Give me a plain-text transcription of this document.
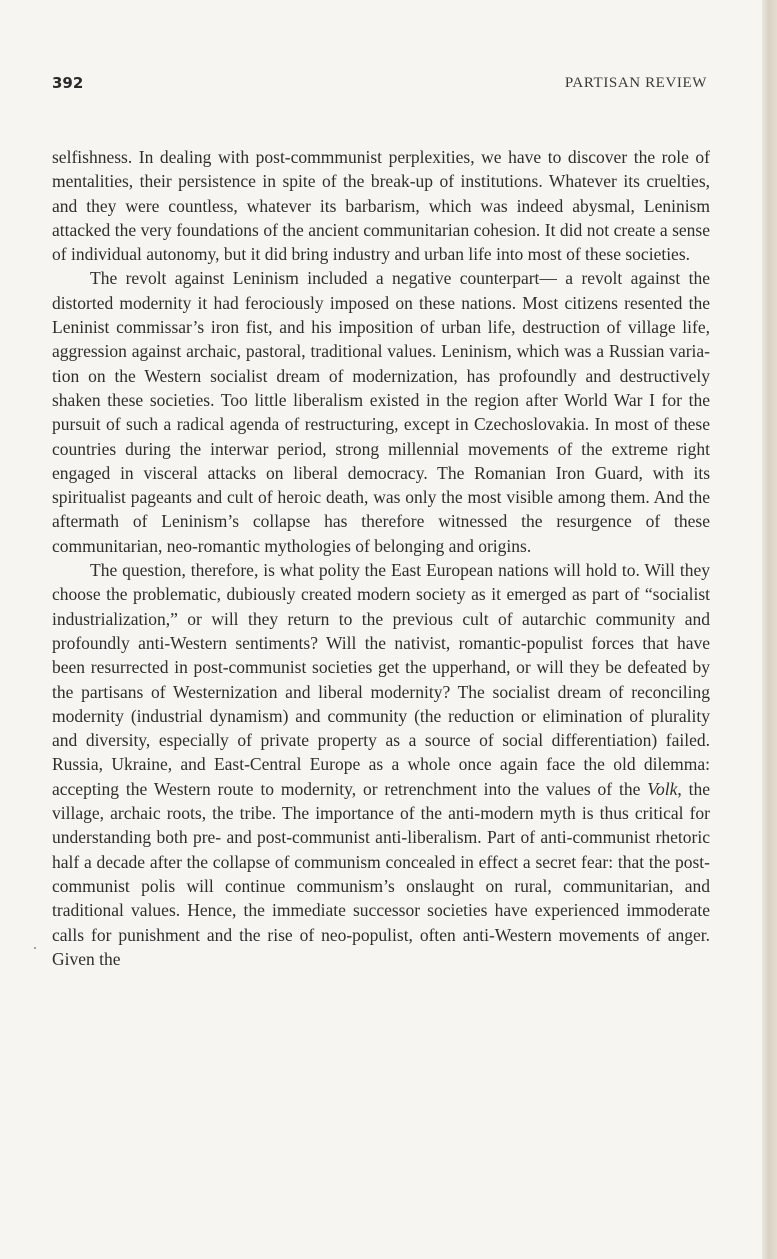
392	PARTISAN REVIEW

selfishness. In dealing with post-commmunist perplexities, we have to discover the role of mentalities, their persistence in spite of the break-up of institutions. Whatever its cruelties, and they were countless, whatever its barbarism, which was indeed abysmal, Leninism attacked the very foundations of the ancient communitarian cohesion. It did not create a sense of individual autonomy, but it did bring industry and urban life into most of these societies.

The revolt against Leninism included a negative counterpart— a revolt against the distorted modernity it had ferociously imposed on these nations. Most citizens resented the Leninist commissar’s iron fist, and his imposition of urban life, destruction of village life, aggression against archaic, pastoral, traditional values. Leninism, which was a Russian variation on the Western socialist dream of modernization, has profoundly and destructively shaken these societies. Too little liberalism existed in the region after World War I for the pursuit of such a radical agenda of restructuring, except in Czechoslovakia. In most of these countries during the interwar period, strong millennial movements of the extreme right engaged in visceral attacks on liberal democracy. The Romanian Iron Guard, with its spiritualist pageants and cult of heroic death, was only the most visible among them. And the aftermath of Leninism’s collapse has therefore witnessed the resurgence of these communitarian, neo-romantic mythologies of belonging and origins.

The question, therefore, is what polity the East European nations will hold to. Will they choose the problematic, dubiously created modern society as it emerged as part of “socialist industrialization,” or will they return to the previous cult of autarchic community and profoundly anti-Western sentiments? Will the nativist, romantic-populist forces that have been resurrected in post-communist societies get the upperhand, or will they be defeated by the partisans of Westernization and liberal modernity? The socialist dream of reconciling modernity (industrial dynamism) and community (the reduction or elimination of plurality and diversity, especially of private property as a source of social differentiation) failed. Russia, Ukraine, and East-Central Europe as a whole once again face the old dilemma: accepting the Western route to modernity, or retrenchment into the values of the Volk, the village, archaic roots, the tribe. The importance of the anti-modern myth is thus critical for understanding both pre- and post-communist anti-liberalism. Part of anti-communist rhetoric half a decade after the collapse of communism concealed in effect a secret fear: that the post-communist polis will continue communism’s onslaught on rural, communitarian, and traditional values. Hence, the immediate successor societies have experienced immoderate calls for punishment and the rise of neo-populist, often anti-Western movements of anger. Given the
